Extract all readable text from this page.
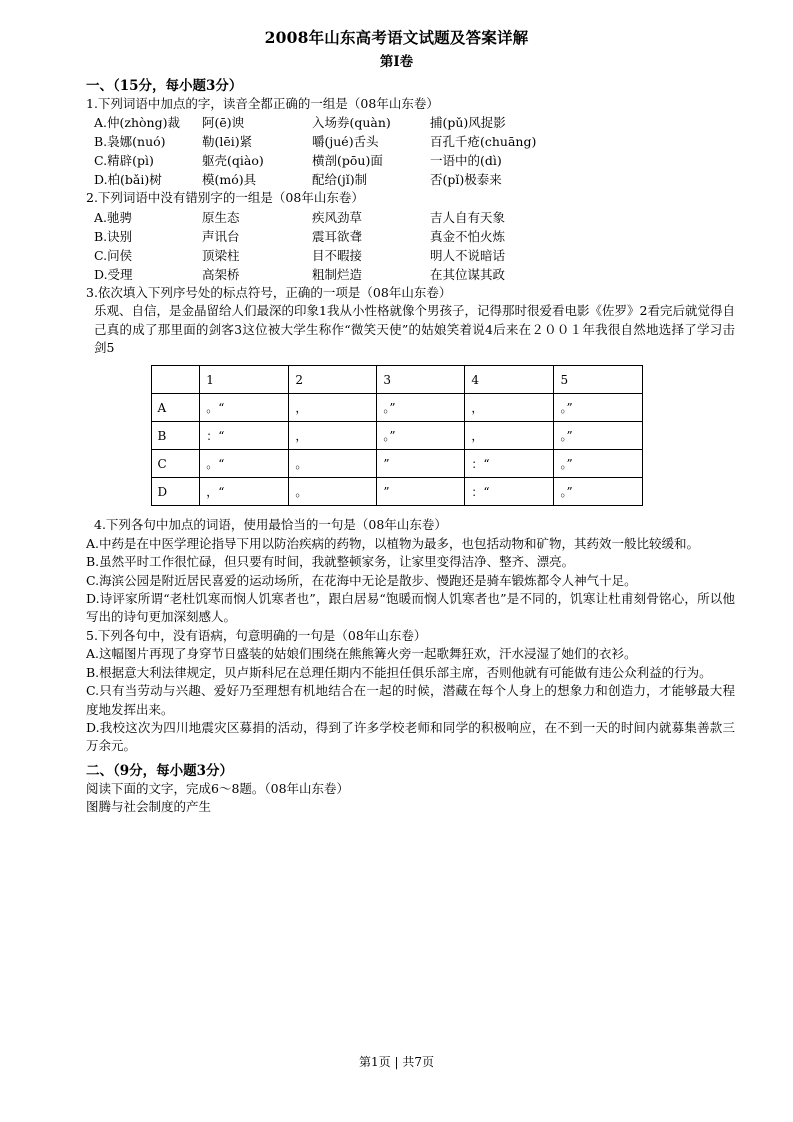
2008年山东高考语文试题及答案详解
第Ⅰ卷
一、（15分，每小题3分）
1.下列词语中加点的字，读音全都正确的一组是（08年山东卷）
A.仲(zhòng)裁	阿(ē)谀	入场券(quàn)	捕(pǔ)风捉影
B.袅娜(nuó)	勒(lēi)紧	嚼(jué)舌头	百孔千疮(chuāng)
C.精辟(pì)	躯壳(qiào)	横剖(pōu)面	一语中的(dì)
D.柏(bǎi)树	模(mó)具	配给(jǐ)制	否(pǐ)极泰来
2.下列词语中没有错别字的一组是（08年山东卷）
A.驰骋	原生态	疾风劲草	吉人自有天象
B.诀别	声讯台	震耳欲聋	真金不怕火炼
C.问侯	顶梁柱	目不暇接	明人不说暗话
D.受理	高架桥	粗制烂造	在其位谋其政
3.依次填入下列序号处的标点符号，正确的一项是（08年山东卷）
乐观、自信，是金晶留给人们最深的印象1我从小性格就像个男孩子，记得那时很爱看电影《佐罗》2看完后就觉得自己真的成了那里面的剑客3这位被大学生称作“微笑天使”的姑娘笑着说4后来在２００１年我很自然地选择了学习击剑5
	1	2	3	4	5
A	。“	，	。”	，	。”
B	：“	，	。”	，	。”
C	。“	。	”	：“	。”
D	，“	。	”	：“	。”
4.下列各句中加点的词语，使用最恰当的一句是（08年山东卷）
A.中药是在中医学理论指导下用以防治疾病的药物，以植物为最多，也包括动物和矿物，其药效一般比较缓和。
B.虽然平时工作很忙碌，但只要有时间，我就整顿家务，让家里变得洁净、整齐、漂亮。
C.海滨公园是附近居民喜爱的运动场所，在花海中无论是散步、慢跑还是骑车锻炼都令人神气十足。
D.诗评家所谓“老杜饥寒而悯人饥寒者也”，跟白居易“饱暖而悯人饥寒者也”是不同的，饥寒让杜甫刻骨铭心，所以他写出的诗句更加深刻感人。
5.下列各句中，没有语病，句意明确的一句是（08年山东卷）
A.这幅图片再现了身穿节日盛装的姑娘们围绕在熊熊篝火旁一起歌舞狂欢，汗水浸湿了她们的衣衫。
B.根据意大利法律规定，贝卢斯科尼在总理任期内不能担任俱乐部主席，否则他就有可能做有违公众利益的行为。
C.只有当劳动与兴趣、爱好乃至理想有机地结合在一起的时候，潜藏在每个人身上的想象力和创造力，才能够最大程度地发挥出来。
D.我校这次为四川地震灾区募捐的活动，得到了许多学校老师和同学的积极响应，在不到一天的时间内就募集善款三万余元。
二、（9分，每小题3分）
阅读下面的文字，完成6～8题。（08年山东卷）
图腾与社会制度的产生
第1页 | 共7页
